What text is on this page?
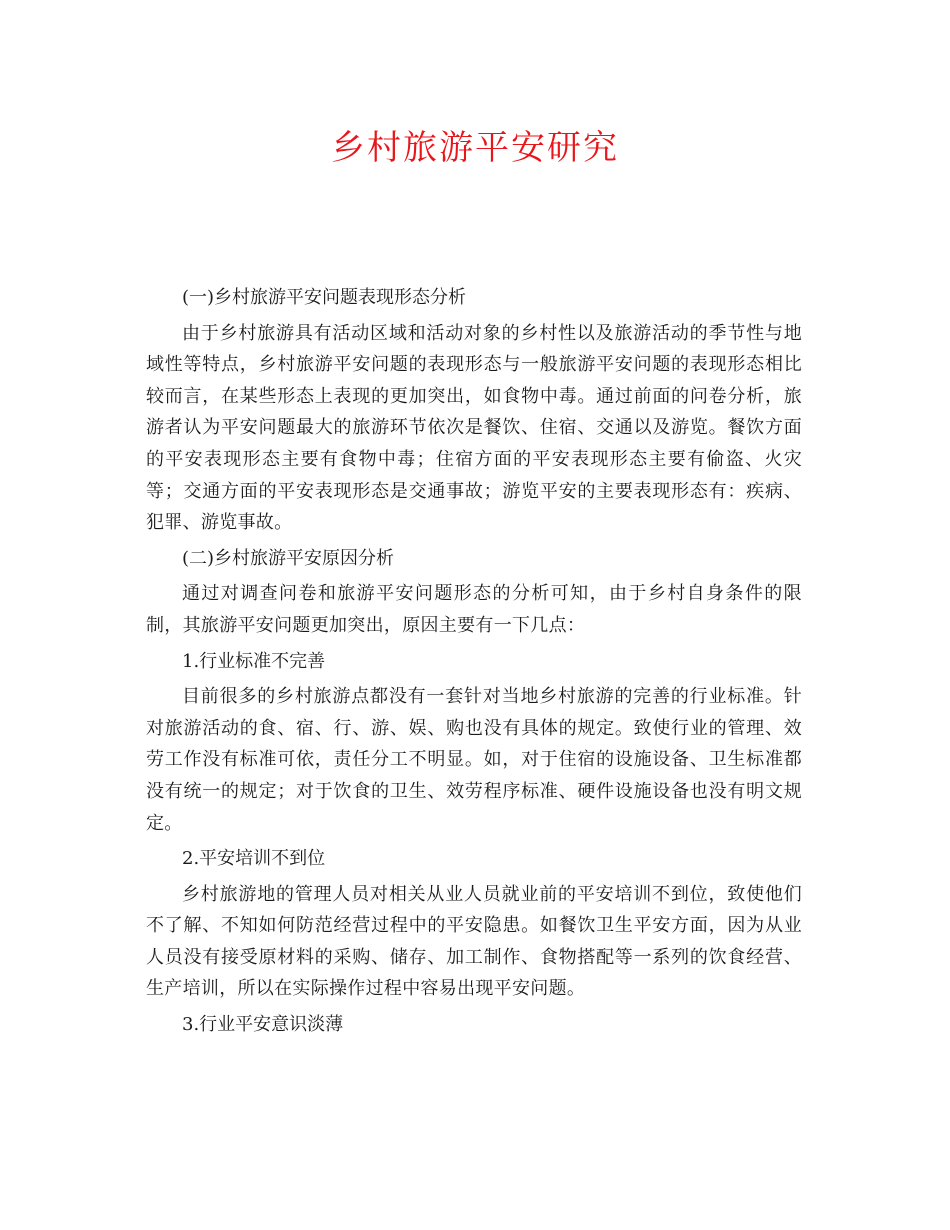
乡村旅游平安研究

(一)乡村旅游平安问题表现形态分析

由于乡村旅游具有活动区域和活动对象的乡村性以及旅游活动的季节性与地域性等特点，乡村旅游平安问题的表现形态与一般旅游平安问题的表现形态相比较而言，在某些形态上表现的更加突出，如食物中毒。通过前面的问卷分析，旅游者认为平安问题最大的旅游环节依次是餐饮、住宿、交通以及游览。餐饮方面的平安表现形态主要有食物中毒；住宿方面的平安表现形态主要有偷盗、火灾等；交通方面的平安表现形态是交通事故；游览平安的主要表现形态有：疾病、犯罪、游览事故。

(二)乡村旅游平安原因分析

通过对调查问卷和旅游平安问题形态的分析可知，由于乡村自身条件的限制，其旅游平安问题更加突出，原因主要有一下几点：

1.行业标准不完善

目前很多的乡村旅游点都没有一套针对当地乡村旅游的完善的行业标准。针对旅游活动的食、宿、行、游、娱、购也没有具体的规定。致使行业的管理、效劳工作没有标准可依，责任分工不明显。如，对于住宿的设施设备、卫生标准都没有统一的规定；对于饮食的卫生、效劳程序标准、硬件设施设备也没有明文规定。

2.平安培训不到位

乡村旅游地的管理人员对相关从业人员就业前的平安培训不到位，致使他们不了解、不知如何防范经营过程中的平安隐患。如餐饮卫生平安方面，因为从业人员没有接受原材料的采购、储存、加工制作、食物搭配等一系列的饮食经营、生产培训，所以在实际操作过程中容易出现平安问题。

3.行业平安意识淡薄
